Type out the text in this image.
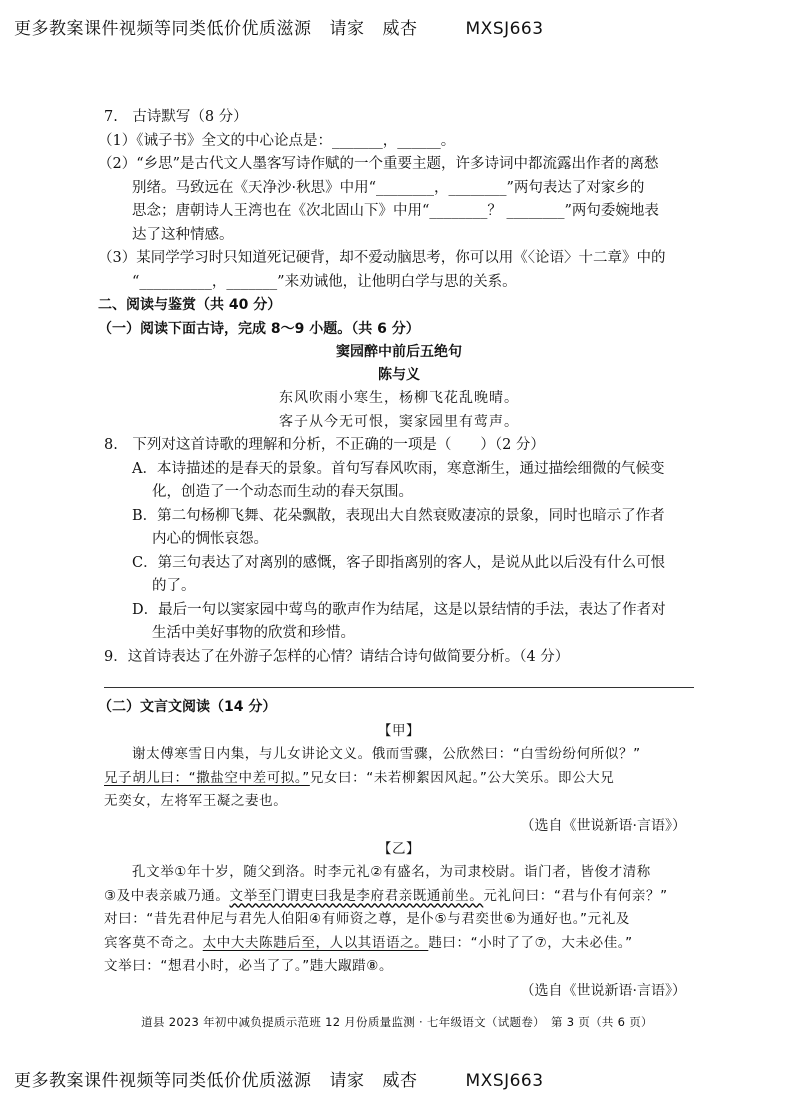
更多教案课件视频等同类低价优质滋源 请家 威杏	MXSJ663
7.　古诗默写（8 分）
（1）《诫子书》全文的中心论点是：_______，______。
（2）“乡思”是古代文人墨客写诗作赋的一个重要主题，许多诗词中都流露出作者的离愁
别绪。马致远在《天净沙·秋思》中用“________，________”两句表达了对家乡的
思念；唐朝诗人王湾也在《次北固山下》中用“________？ ________”两句委婉地表
达了这种情感。
（3）某同学学习时只知道死记硬背，却不爱动脑思考，你可以用《〈论语〉十二章》中的
“__________，_______”来劝诫他，让他明白学与思的关系。
二、阅读与鉴赏（共 40 分）
（一）阅读下面古诗，完成 8～9 小题。（共 6 分）
窦园醉中前后五绝句
陈与义
东风吹雨小寒生，杨柳飞花乱晚晴。
客子从今无可恨，窦家园里有莺声。
8.　下列对这首诗歌的理解和分析，不正确的一项是（　　）（2 分）
A．本诗描述的是春天的景象。首句写春风吹雨，寒意渐生，通过描绘细微的气候变
化，创造了一个动态而生动的春天氛围。
B．第二句杨柳飞舞、花朵飘散，表现出大自然衰败凄凉的景象，同时也暗示了作者
内心的惆怅哀怨。
C．第三句表达了对离别的感慨，客子即指离别的客人，是说从此以后没有什么可恨
的了。
D．最后一句以窦家园中莺鸟的歌声作为结尾，这是以景结情的手法，表达了作者对
生活中美好事物的欣赏和珍惜。
9．这首诗表达了在外游子怎样的心情？请结合诗句做简要分析。（4 分）
（二）文言文阅读（14 分）
【甲】
谢太傅寒雪日内集，与儿女讲论文义。俄而雪骤，公欣然曰：“白雪纷纷何所似？”
兄子胡儿曰：“撒盐空中差可拟。”兄女曰：“未若柳絮因风起。”公大笑乐。即公大兄
无奕女，左将军王凝之妻也。
（选自《世说新语·言语》）
【乙】
孔文举①年十岁，随父到洛。时李元礼②有盛名，为司隶校尉。诣门者，皆俊才清称
③及中表亲戚乃通。文举至门谓吏曰我是李府君亲既通前坐。元礼问曰：“君与仆有何亲？”
对曰：“昔先君仲尼与君先人伯阳④有师资之尊，是仆⑤与君奕世⑥为通好也。”元礼及
宾客莫不奇之。太中大夫陈韪后至，人以其语语之。韪曰：“小时了了⑦，大未必佳。”
文举曰：“想君小时，必当了了。”韪大踧踖⑧。
（选自《世说新语·言语》）
道县 2023 年初中减负提质示范班 12 月份质量监测 · 七年级语文（试题卷）　第 3 页（共 6 页）
更多教案课件视频等同类低价优质滋源 请家 威杏	MXSJ663
